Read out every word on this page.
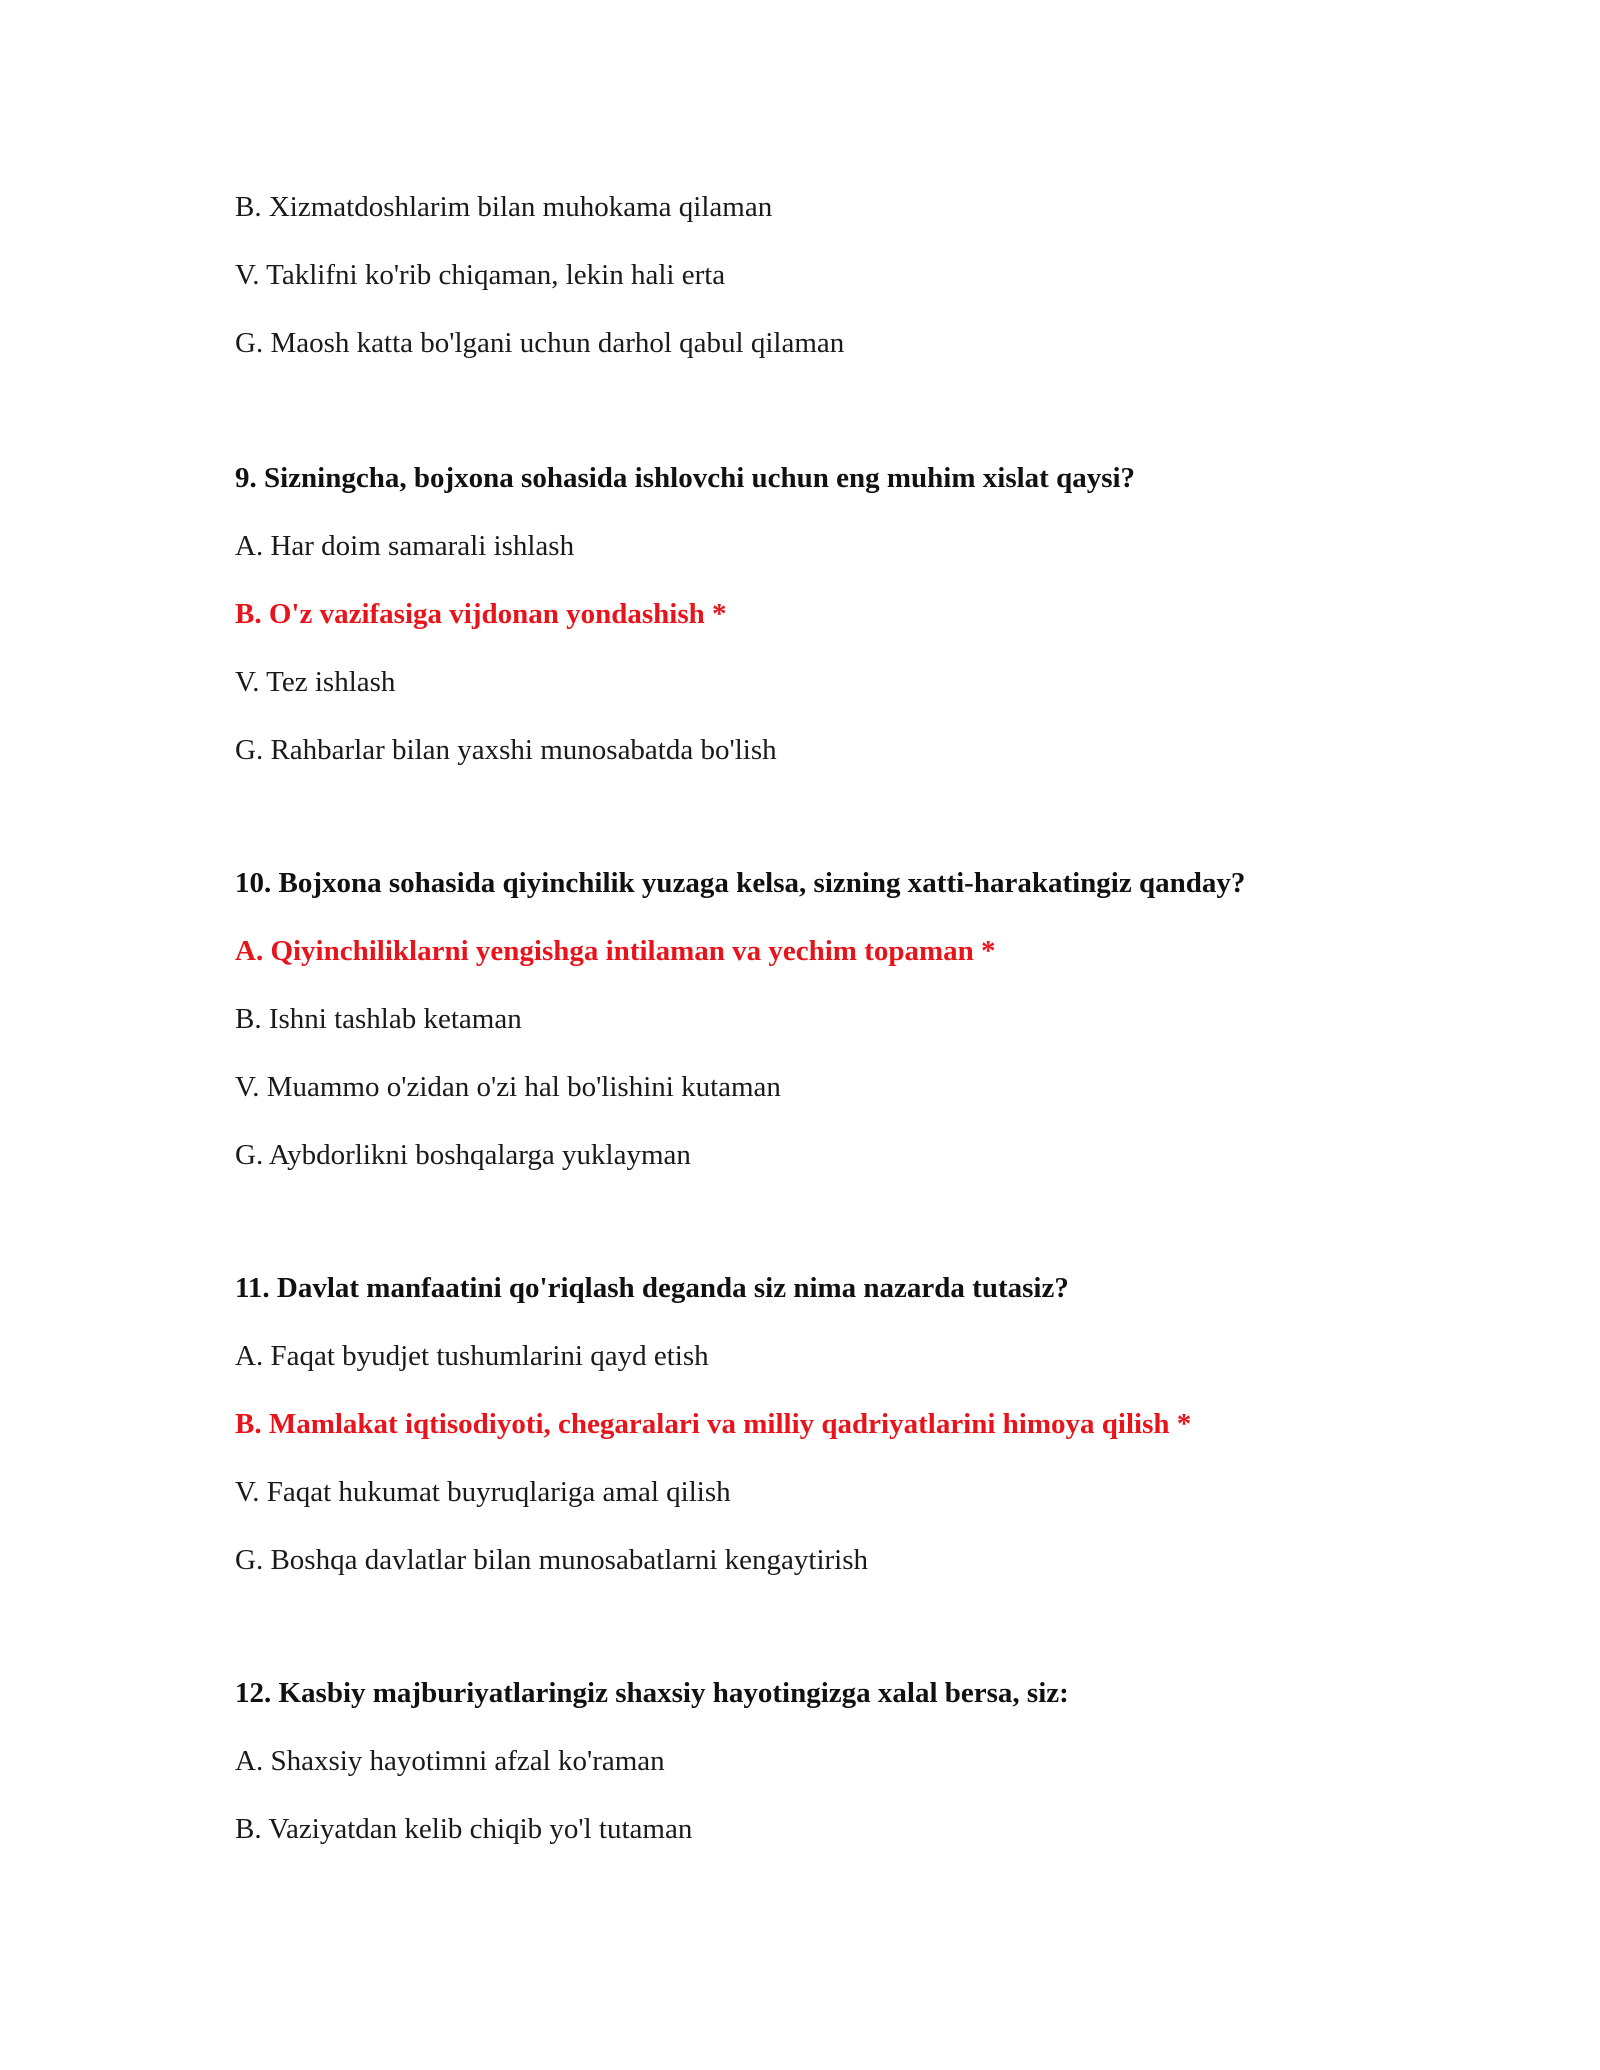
B. Xizmatdoshlarim bilan muhokama qilaman
V. Taklifni ko'rib chiqaman, lekin hali erta
G. Maosh katta bo'lgani uchun darhol qabul qilaman
9. Sizningcha, bojxona sohasida ishlovchi uchun eng muhim xislat qaysi?
A. Har doim samarali ishlash
B. O'z vazifasiga vijdonan yondashish *
V. Tez ishlash
G. Rahbarlar bilan yaxshi munosabatda bo'lish
10. Bojxona sohasida qiyinchilik yuzaga kelsa, sizning xatti-harakatingiz qanday?
A. Qiyinchiliklarni yengishga intilaman va yechim topaman *
B. Ishni tashlab ketaman
V. Muammo o'zidan o'zi hal bo'lishini kutaman
G. Aybdorlikni boshqalarga yuklayman
11. Davlat manfaatini qo'riqlash deganda siz nima nazarda tutasiz?
A. Faqat byudjet tushumlarini qayd etish
B. Mamlakat iqtisodiyoti, chegaralari va milliy qadriyatlarini himoya qilish *
V. Faqat hukumat buyruqlariga amal qilish
G. Boshqa davlatlar bilan munosabatlarni kengaytirish
12. Kasbiy majburiyatlaringiz shaxsiy hayotingizga xalal bersa, siz:
A. Shaxsiy hayotimni afzal ko'raman
B. Vaziyatdan kelib chiqib yo'l tutaman
